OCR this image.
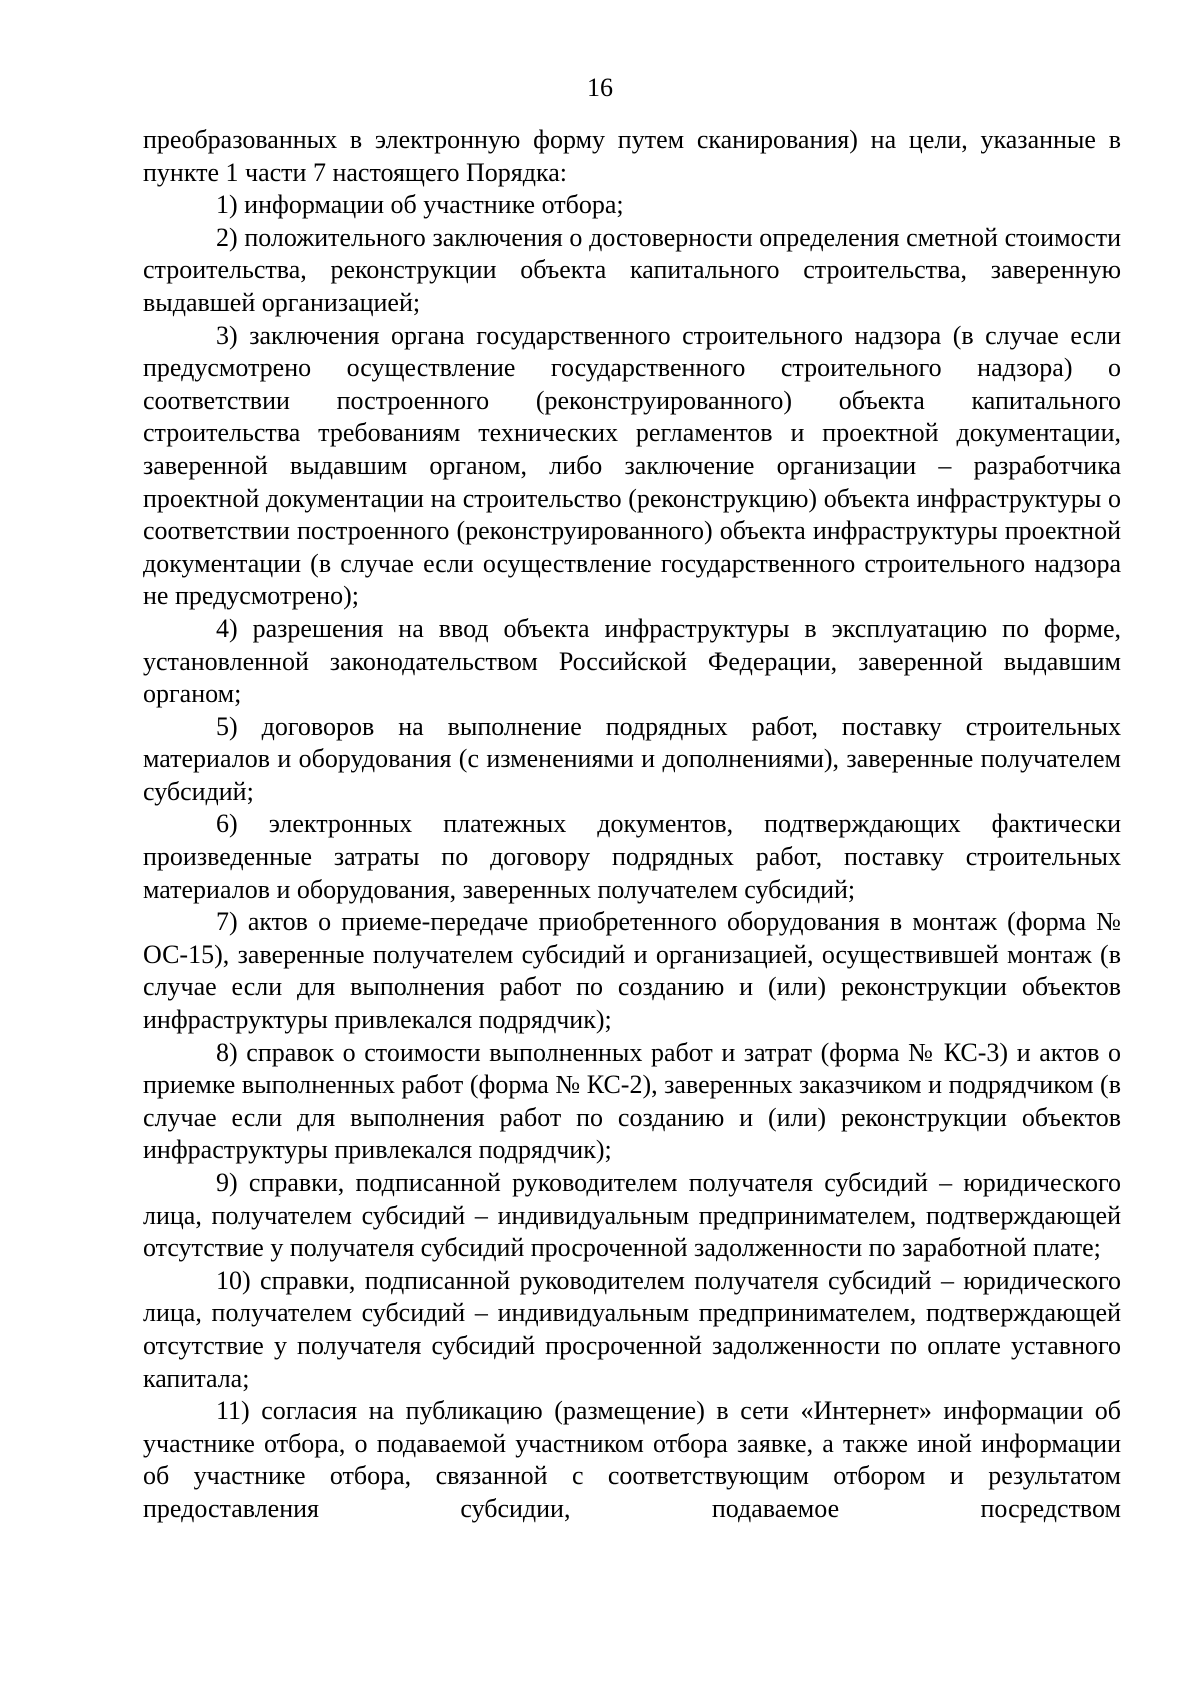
16

преобразованных в электронную форму путем сканирования) на цели, указанные в пункте 1 части 7 настоящего Порядка:

1) информации об участнике отбора;

2) положительного заключения о достоверности определения сметной стоимости строительства, реконструкции объекта капитального строительства, заверенную выдавшей организацией;

3) заключения органа государственного строительного надзора (в случае если предусмотрено осуществление государственного строительного надзора) о соответствии построенного (реконструированного) объекта капитального строительства требованиям технических регламентов и проектной документации, заверенной выдавшим органом, либо заключение организации – разработчика проектной документации на строительство (реконструкцию) объекта инфраструктуры о соответствии построенного (реконструированного) объекта инфраструктуры проектной документации (в случае если осуществление государственного строительного надзора не предусмотрено);

4) разрешения на ввод объекта инфраструктуры в эксплуатацию по форме, установленной законодательством Российской Федерации, заверенной выдавшим органом;

5) договоров на выполнение подрядных работ, поставку строительных материалов и оборудования (с изменениями и дополнениями), заверенные получателем субсидий;

6) электронных платежных документов, подтверждающих фактически произведенные затраты по договору подрядных работ, поставку строительных материалов и оборудования, заверенных получателем субсидий;

7) актов о приеме-передаче приобретенного оборудования в монтаж (форма № ОС-15), заверенные получателем субсидий и организацией, осуществившей монтаж (в случае если для выполнения работ по созданию и (или) реконструкции объектов инфраструктуры привлекался подрядчик);

8) справок о стоимости выполненных работ и затрат (форма № КС-3) и актов о приемке выполненных работ (форма № КС-2), заверенных заказчиком и подрядчиком (в случае если для выполнения работ по созданию и (или) реконструкции объектов инфраструктуры привлекался подрядчик);

9) справки, подписанной руководителем получателя субсидий – юридического лица, получателем субсидий – индивидуальным предпринимателем, подтверждающей отсутствие у получателя субсидий просроченной задолженности по заработной плате;

10) справки, подписанной руководителем получателя субсидий – юридического лица, получателем субсидий – индивидуальным предпринимателем, подтверждающей отсутствие у получателя субсидий просроченной задолженности по оплате уставного капитала;

11) согласия на публикацию (размещение) в сети «Интернет» информации об участнике отбора, о подаваемой участником отбора заявке, а также иной информации об участнике отбора, связанной с соответствующим отбором и результатом предоставления субсидии, подаваемое посредством
